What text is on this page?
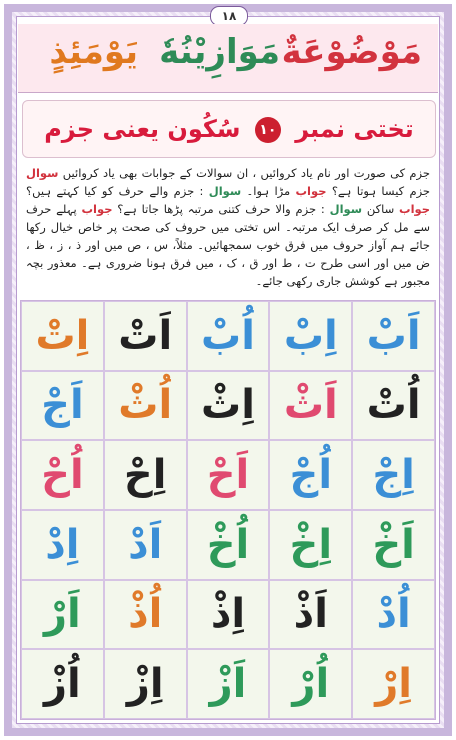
۱۸
مَوْضُوْعَةٌ
مَوَازِيْنُهٗ
يَوْمَئِذٍ
تختی نمبر ۱۰ سُکُون یعنی جزم
جزم کی صورت اور نام یاد کروائیں ، ان سوالات کے جوابات بھی یاد کروائیں سوال جزم کیسا ہوتا ہے؟ جواب مڑا ہوا۔ سوال : جزم والے حرف کو کیا کہتے ہیں؟ جواب ساکن سوال : جزم والا حرف کتنی مرتبہ پڑھا جاتا ہے؟ جواب پہلے حرف سے مل کر صرف ایک مرتبہ۔ اس تختی میں حروف کی صحت پر خاص خیال رکھا جائے ہم آواز حروف میں فرق خوب سمجھائیں۔ مثلاً، س ، ص میں اور ذ ، ز ، ظ ، ض میں اور اسی طرح ت ، ط اور ق ، ک ، میں فرق ہونا ضروری ہے۔ معذور بچہ مجبور ہے کوشش جاری رکھی جائے۔
اِتْ اَتْ اُبْ اِبْ اَبْ
اَجْ اُثْ اِثْ اَثْ اُتْ
اُحْ	اِحْ	اَحْ	اُجْ	اِجْ
اِدْ	اَدْ	اُخْ	اِخْ	اَخْ
اَرْ	اُذْ	اِذْ	اَذْ	اُدْ
اُزْ	اِزْ	اَزْ	اُرْ	اِرْ
